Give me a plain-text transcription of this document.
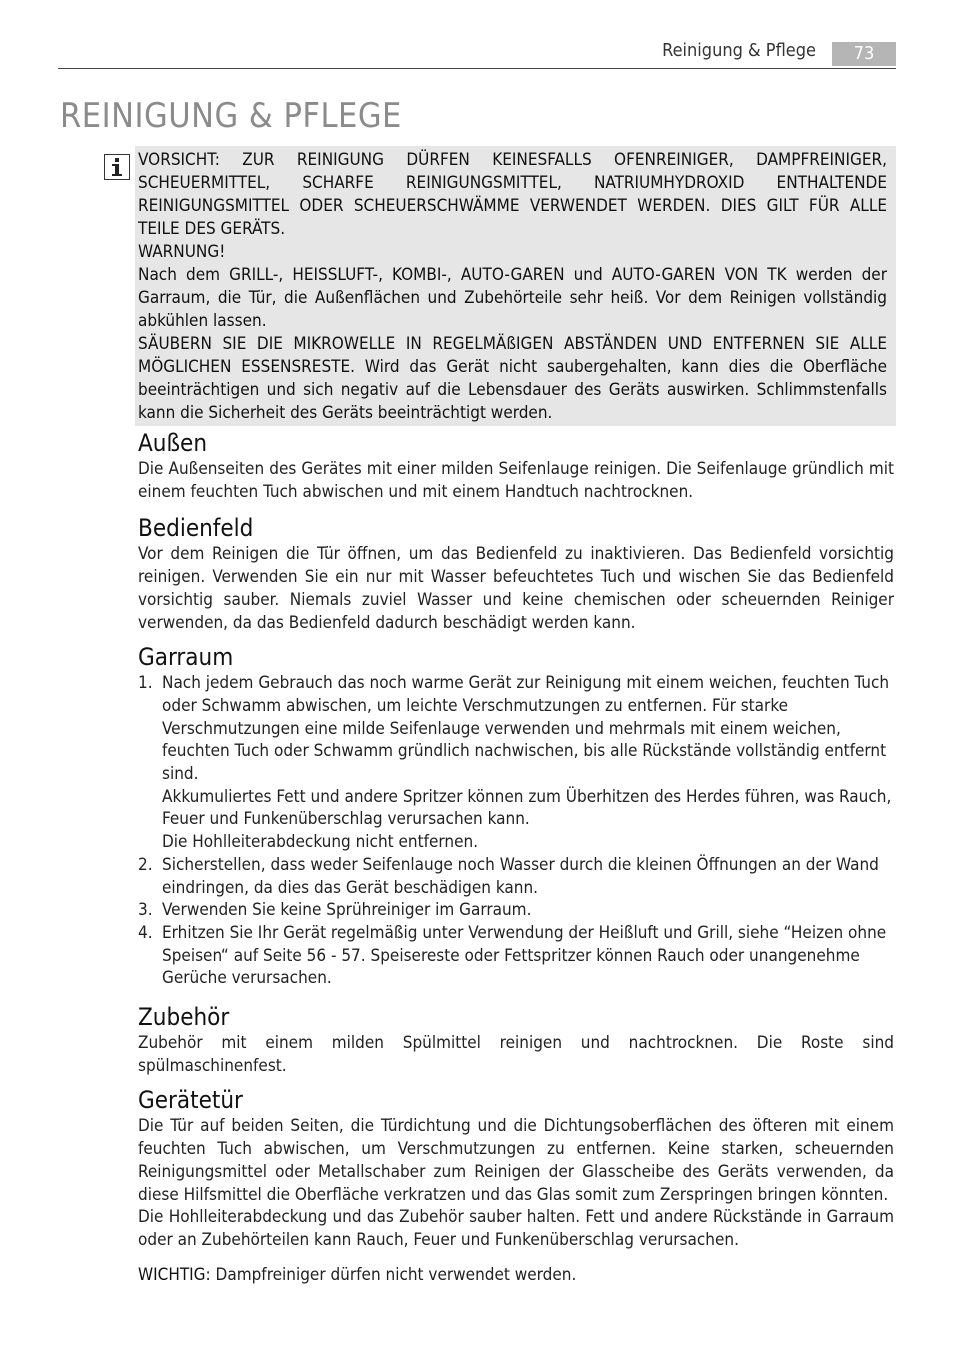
Reinigung & Pflege	73
REINIGUNG & PFLEGE

VORSICHT: ZUR REINIGUNG DÜRFEN KEINESFALLS OFENREINIGER, DAMPFREINIGER, SCHEUERMITTEL, SCHARFE REINIGUNGSMITTEL, NATRIUMHYDROXID ENTHALTENDE REINIGUNGSMITTEL ODER SCHEUERSCHWÄMME VERWENDET WERDEN. DIES GILT FÜR ALLE TEILE DES GERÄTS.

WARNUNG!

Nach dem GRILL-, HEISSLUFT-, KOMBI-, AUTO-GAREN und AUTO-GAREN VON TK werden der Garraum, die Tür, die Außenflächen und Zubehörteile sehr heiß. Vor dem Reinigen vollständig abkühlen lassen.

SÄUBERN SIE DIE MIKROWELLE IN REGELMÄßIGEN ABSTÄNDEN UND ENTFERNEN SIE ALLE MÖGLICHEN ESSENSRESTE. Wird das Gerät nicht saubergehalten, kann dies die Oberfläche beeinträchtigen und sich negativ auf die Lebensdauer des Geräts auswirken. Schlimmstenfalls kann die Sicherheit des Geräts beeinträchtigt werden.

Außen

Die Außenseiten des Gerätes mit einer milden Seifenlauge reinigen. Die Seifenlauge gründlich mit einem feuchten Tuch abwischen und mit einem Handtuch nachtrocknen.

Bedienfeld

Vor dem Reinigen die Tür öffnen, um das Bedienfeld zu inaktivieren. Das Bedienfeld vorsichtig reinigen. Verwenden Sie ein nur mit Wasser befeuchtetes Tuch und wischen Sie das Bedienfeld vorsichtig sauber. Niemals zuviel Wasser und keine chemischen oder scheuernden Reiniger verwenden, da das Bedienfeld dadurch beschädigt werden kann.

Garraum
1. Nach jedem Gebrauch das noch warme Gerät zur Reinigung mit einem weichen, feuchten Tuch oder Schwamm abwischen, um leichte Verschmutzungen zu entfernen. Für starke Verschmutzungen eine milde Seifenlauge verwenden und mehrmals mit einem weichen, feuchten Tuch oder Schwamm gründlich nachwischen, bis alle Rückstände vollständig entfernt sind.
Akkumuliertes Fett und andere Spritzer können zum Überhitzen des Herdes führen, was Rauch, Feuer und Funkenüberschlag verursachen kann.
Die Hohlleiterabdeckung nicht entfernen.
2. Sicherstellen, dass weder Seifenlauge noch Wasser durch die kleinen Öffnungen an der Wand eindringen, da dies das Gerät beschädigen kann.
3. Verwenden Sie keine Sprühreiniger im Garraum.
4. Erhitzen Sie Ihr Gerät regelmäßig unter Verwendung der Heißluft und Grill, siehe “Heizen ohne Speisen“ auf Seite 56 - 57. Speisereste oder Fettspritzer können Rauch oder unangenehme Gerüche verursachen.
Zubehör

Zubehör mit einem milden Spülmittel reinigen und nachtrocknen. Die Roste sind spülmaschinenfest.

Gerätetür

Die Tür auf beiden Seiten, die Türdichtung und die Dichtungsoberflächen des öfteren mit einem feuchten Tuch abwischen, um Verschmutzungen zu entfernen. Keine starken, scheuernden Reinigungsmittel oder Metallschaber zum Reinigen der Glasscheibe des Geräts verwenden, da diese Hilfsmittel die Oberfläche verkratzen und das Glas somit zum Zerspringen bringen könnten.

Die Hohlleiterabdeckung und das Zubehör sauber halten. Fett und andere Rückstände in Garraum oder an Zubehörteilen kann Rauch, Feuer und Funkenüberschlag verursachen.

WICHTIG: Dampfreiniger dürfen nicht verwendet werden.
